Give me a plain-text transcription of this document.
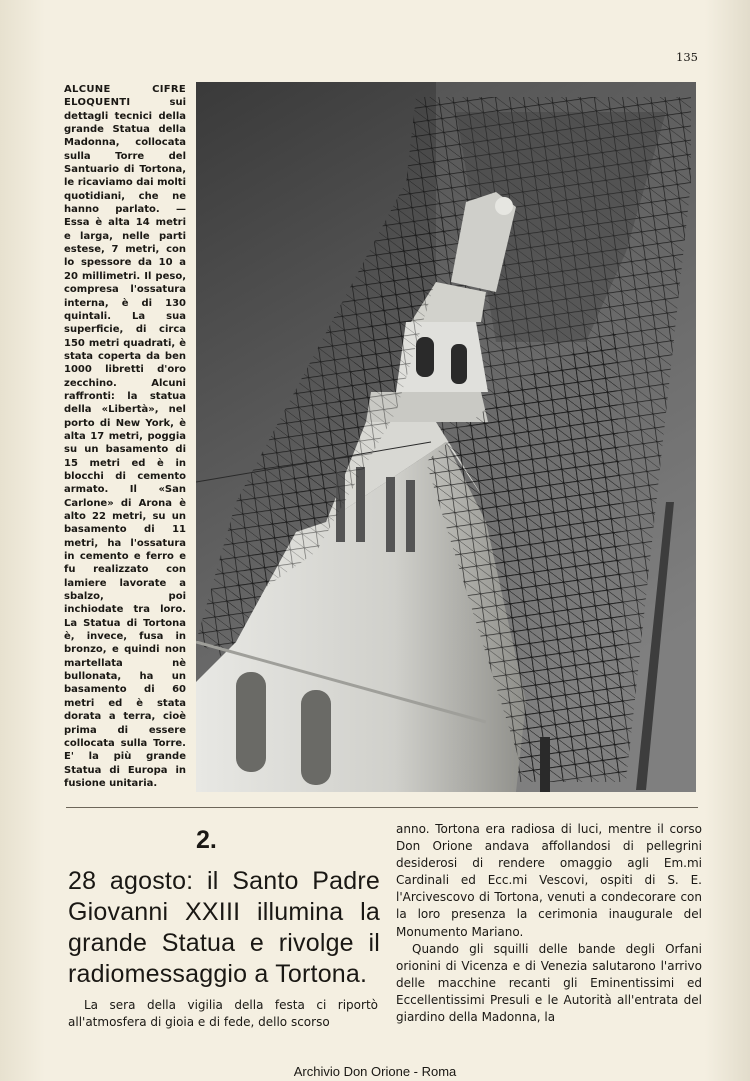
135
ALCUNE CIFRE ELOQUENTI sui dettagli tecnici della grande Statua della Madonna, collocata sulla Torre del Santuario di Tortona, le ricaviamo dai molti quotidiani, che ne hanno parlato. — Essa è alta 14 metri e larga, nelle parti estese, 7 metri, con lo spessore da 10 a 20 millimetri. Il peso, compresa l'ossatura interna, è di 130 quintali. La sua superficie, di circa 150 metri quadrati, è stata coperta da ben 1000 libretti d'oro zecchino. Alcuni raffronti: la statua della «Libertà», nel porto di New York, è alta 17 metri, poggia su un basamento di 15 metri ed è in blocchi di cemento armato. Il «San Carlone» di Arona è alto 22 metri, su un basamento di 11 metri, ha l'ossatura in cemento e ferro e fu realizzato con lamiere lavorate a sbalzo, poi inchiodate tra loro. La Statua di Tortona è, invece, fusa in bronzo, e quindi non martellata nè bullonata, ha un basamento di 60 metri ed è stata dorata a terra, cioè prima di essere collocata sulla Torre. E' la più grande Statua di Europa in fusione unitaria.
2.
28 agosto: il Santo Padre Giovanni XXIII illumina la grande Statua e rivolge il radiomessaggio a Tortona.
La sera della vigilia della festa ci riportò all'atmosfera di gioia e di fede, dello scorso

anno. Tortona era radiosa di luci, mentre il corso Don Orione andava affollandosi di pellegrini desiderosi di rendere omaggio agli Em.mi Cardinali ed Ecc.mi Vescovi, ospiti di S. E. l'Arcivescovo di Tortona, venuti a condecorare con la loro presenza la cerimonia inaugurale del Monumento Mariano.

Quando gli squilli delle bande degli Orfani orionini di Vicenza e di Venezia salutarono l'arrivo delle macchine recanti gli Eminentissimi ed Eccellentissimi Presuli e le Autorità all'entrata del giardino della Madonna, la

Archivio Don Orione - Roma
